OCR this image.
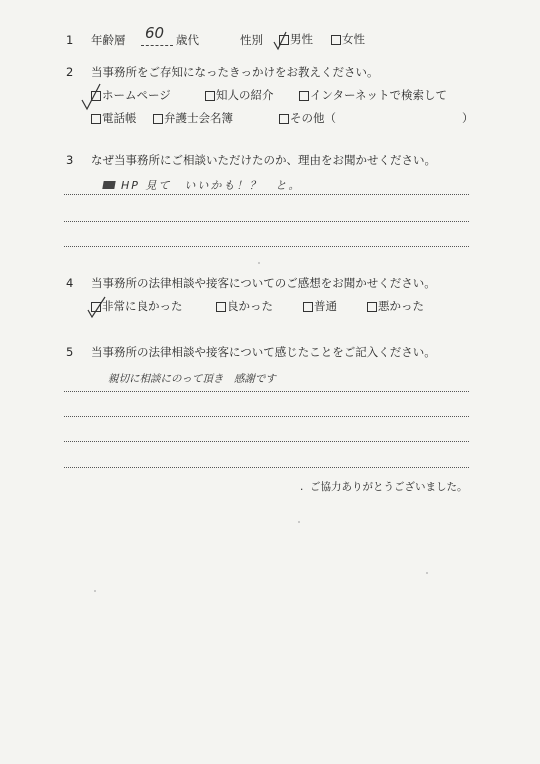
1 年齢層 60 歳代	性別 男性	女性
2 当事務所をご存知になったきっかけをお教えください。
ホームページ	知人の紹介	インターネットで検索して
電話帳 弁護士会名簿	その他（	）
3 なぜ当事務所にご相談いただけたのか、理由をお聞かせください。
HP 見て　いいかも！？　と。
4 当事務所の法律相談や接客についてのご感想をお聞かせください。
非常に良かった	良かった	普通	悪かった
5 当事務所の法律相談や接客について感じたことをご記入ください。
親切に相談にのって頂き　感謝です
. ご協力ありがとうございました。
